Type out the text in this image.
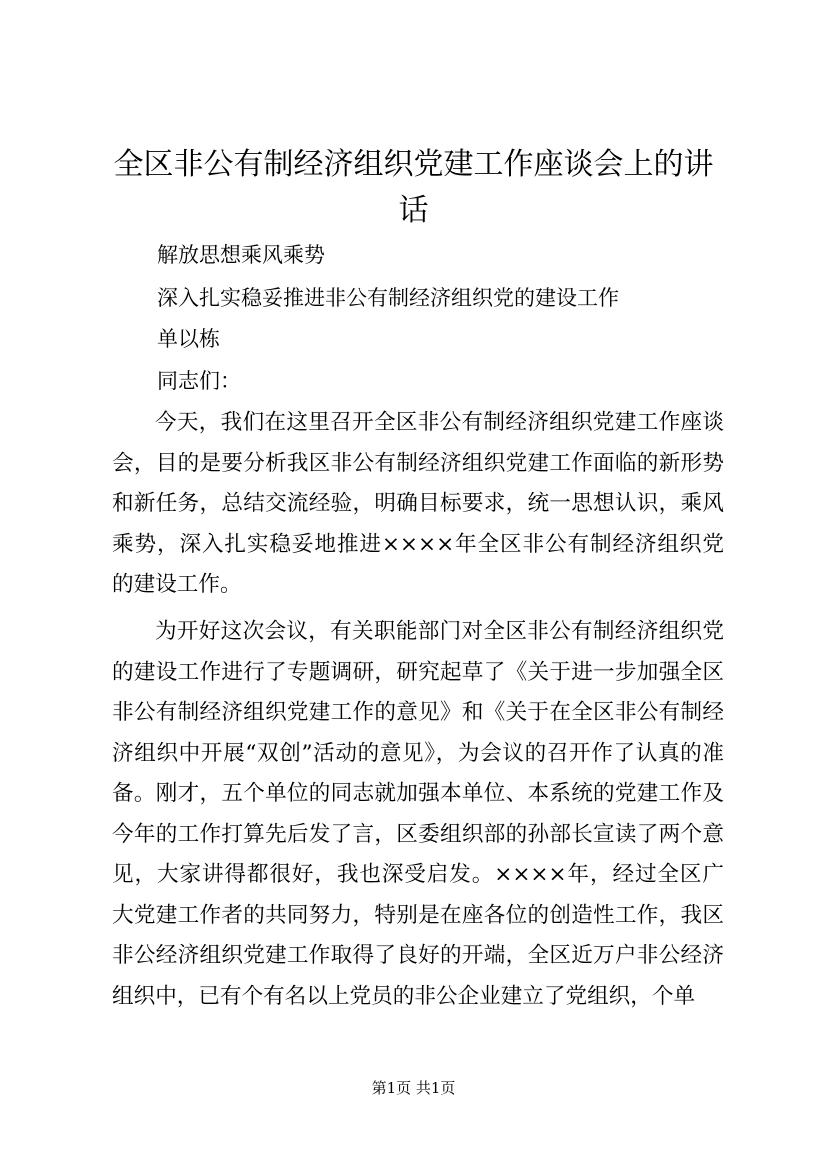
全区非公有制经济组织党建工作座谈会上的讲话

解放思想乘风乘势

深入扎实稳妥推进非公有制经济组织党的建设工作

单以栋

同志们：

今天，我们在这里召开全区非公有制经济组织党建工作座谈会，目的是要分析我区非公有制经济组织党建工作面临的新形势和新任务，总结交流经验，明确目标要求，统一思想认识，乘风乘势，深入扎实稳妥地推进××××年全区非公有制经济组织党的建设工作。

为开好这次会议，有关职能部门对全区非公有制经济组织党的建设工作进行了专题调研，研究起草了《关于进一步加强全区非公有制经济组织党建工作的意见》和《关于在全区非公有制经济组织中开展“双创”活动的意见》，为会议的召开作了认真的准备。刚才，五个单位的同志就加强本单位、本系统的党建工作及今年的工作打算先后发了言，区委组织部的孙部长宣读了两个意见，大家讲得都很好，我也深受启发。××××年，经过全区广大党建工作者的共同努力，特别是在座各位的创造性工作，我区非公经济组织党建工作取得了良好的开端，全区近万户非公经济组织中，已有个有名以上党员的非公企业建立了党组织，个单

第1页 共1页
